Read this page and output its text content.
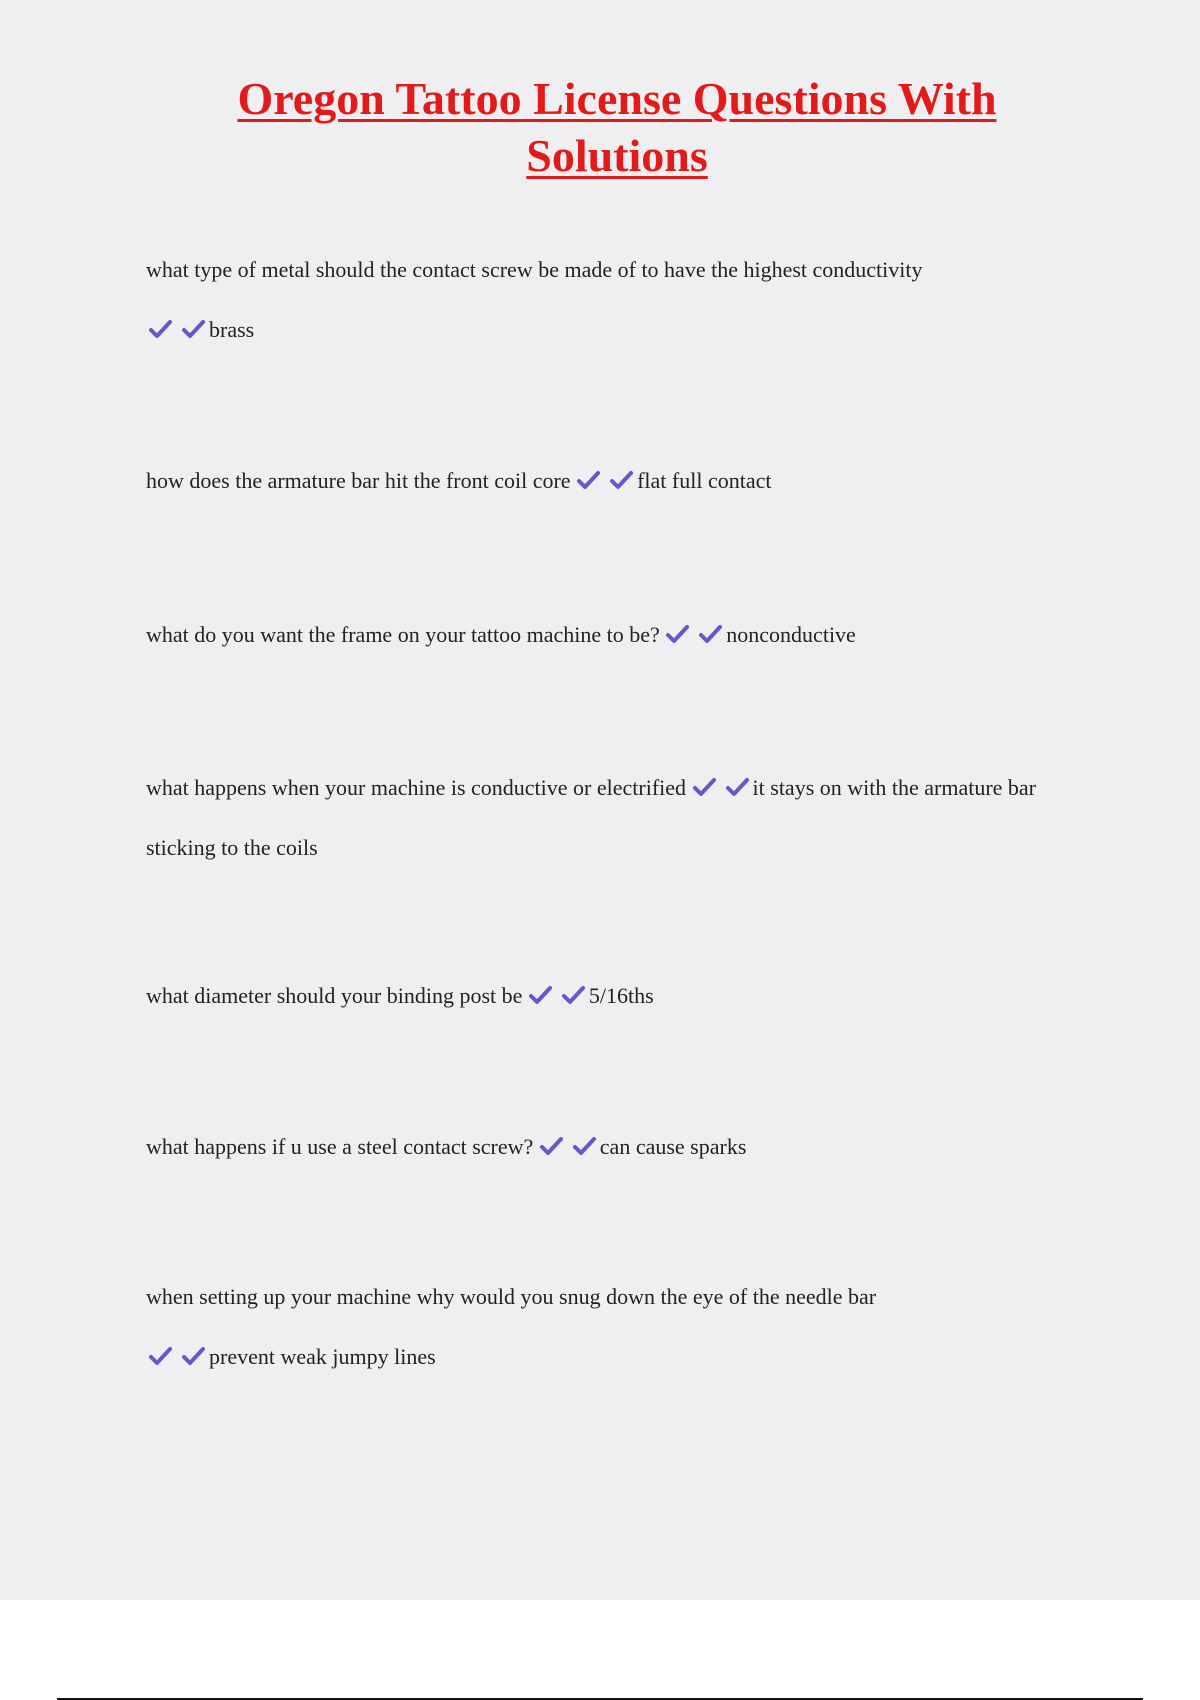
Oregon Tattoo License Questions With Solutions

what type of metal should the contact screw be made of to have the highest conductivity

brass

how does the armature bar hit the front coil core	flat full contact

what do you want the frame on your tattoo machine to be?	nonconductive

what happens when your machine is conductive or electrified	it stays on with the armature bar sticking to the coils

what diameter should your binding post be	5/16ths

what happens if u use a steel contact screw?	can cause sparks

when setting up your machine why would you snug down the eye of the needle bar

prevent weak jumpy lines
